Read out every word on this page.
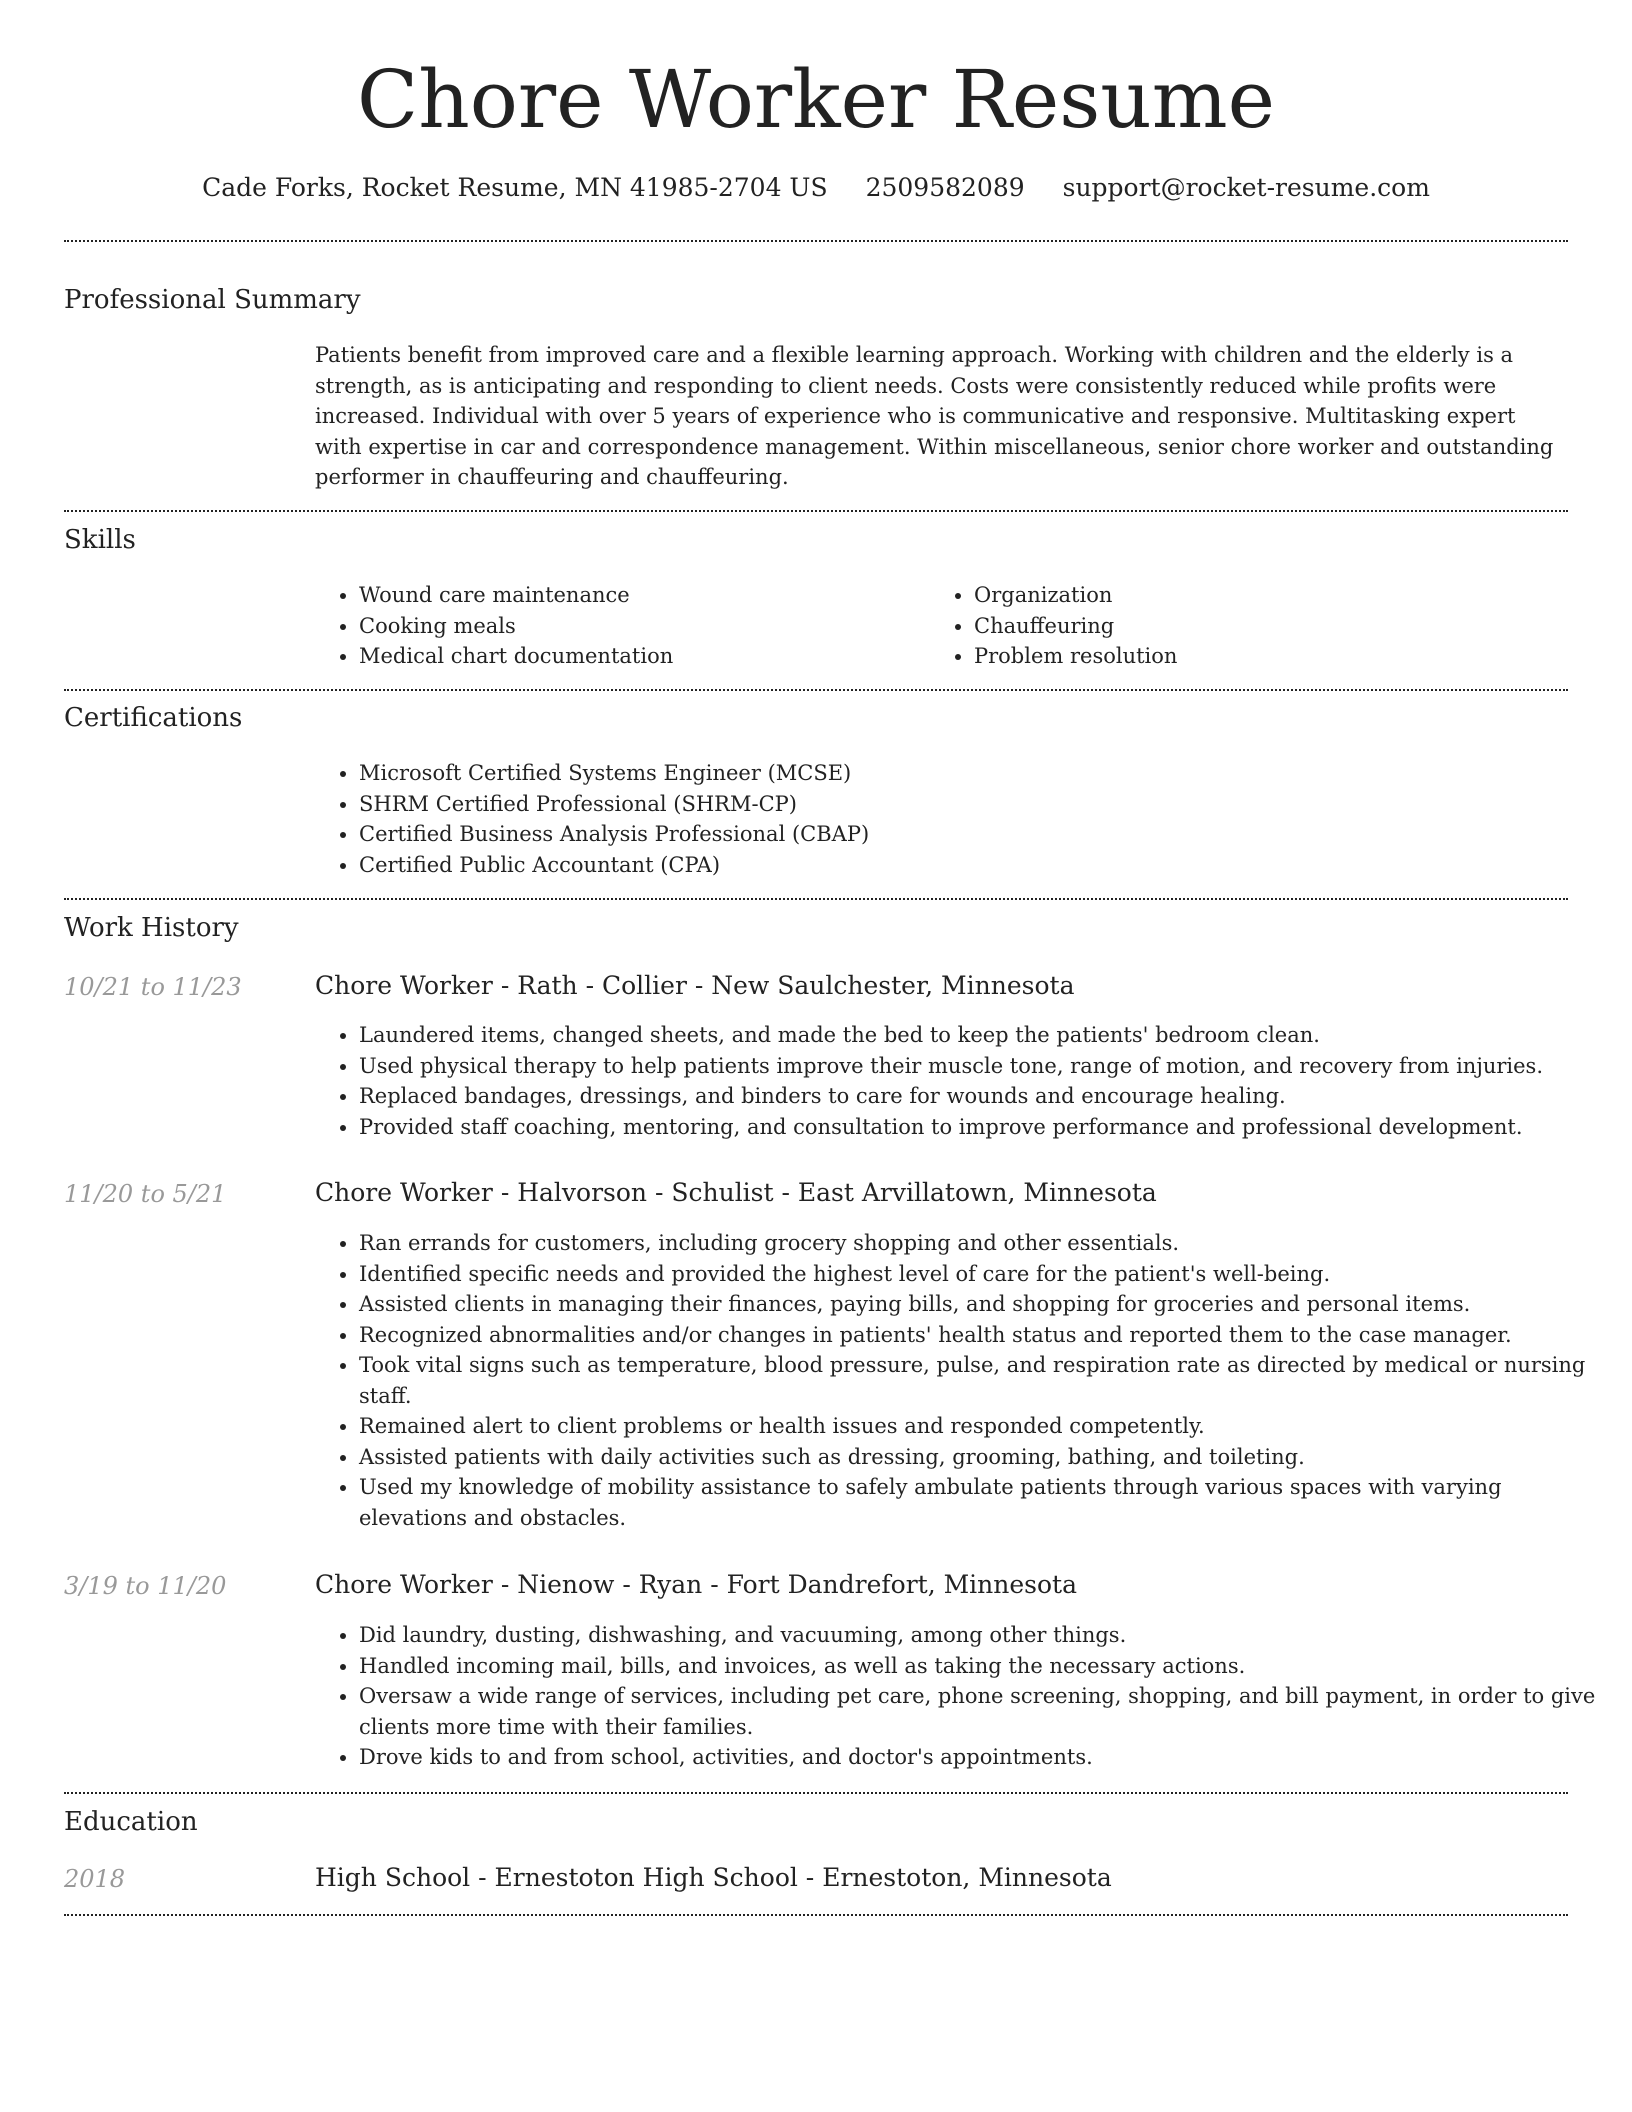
Chore Worker Resume
Cade Forks, Rocket Resume, MN 41985-2704 US 2509582089 support@rocket-resume.com
Professional Summary

Patients benefit from improved care and a flexible learning approach. Working with children and the elderly is a strength, as is anticipating and responding to client needs. Costs were consistently reduced while profits were increased. Individual with over 5 years of experience who is communicative and responsive. Multitasking expert with expertise in car and correspondence management. Within miscellaneous, senior chore worker and outstanding performer in chauffeuring and chauffeuring.

Skills
• Wound care maintenance
• Cooking meals
• Medical chart documentation
• Organization
• Chauffeuring
• Problem resolution
Certifications
• Microsoft Certified Systems Engineer (MCSE)
• SHRM Certified Professional (SHRM-CP)
• Certified Business Analysis Professional (CBAP)
• Certified Public Accountant (CPA)
Work History
10/21 to 11/23	Chore Worker - Rath - Collier - New Saulchester, Minnesota
• Laundered items, changed sheets, and made the bed to keep the patients' bedroom clean.
• Used physical therapy to help patients improve their muscle tone, range of motion, and recovery from injuries.
• Replaced bandages, dressings, and binders to care for wounds and encourage healing.
• Provided staff coaching, mentoring, and consultation to improve performance and professional development.
11/20 to 5/21	Chore Worker - Halvorson - Schulist - East Arvillatown, Minnesota
• Ran errands for customers, including grocery shopping and other essentials.
• Identified specific needs and provided the highest level of care for the patient's well-being.
• Assisted clients in managing their finances, paying bills, and shopping for groceries and personal items.
• Recognized abnormalities and/or changes in patients' health status and reported them to the case manager.
• Took vital signs such as temperature, blood pressure, pulse, and respiration rate as directed by medical or nursing staff.
• Remained alert to client problems or health issues and responded competently.
• Assisted patients with daily activities such as dressing, grooming, bathing, and toileting.
• Used my knowledge of mobility assistance to safely ambulate patients through various spaces with varying elevations and obstacles.
3/19 to 11/20	Chore Worker - Nienow - Ryan - Fort Dandrefort, Minnesota
• Did laundry, dusting, dishwashing, and vacuuming, among other things.
• Handled incoming mail, bills, and invoices, as well as taking the necessary actions.
• Oversaw a wide range of services, including pet care, phone screening, shopping, and bill payment, in order to give clients more time with their families.
• Drove kids to and from school, activities, and doctor's appointments.
Education
2018	High School - Ernestoton High School - Ernestoton, Minnesota
